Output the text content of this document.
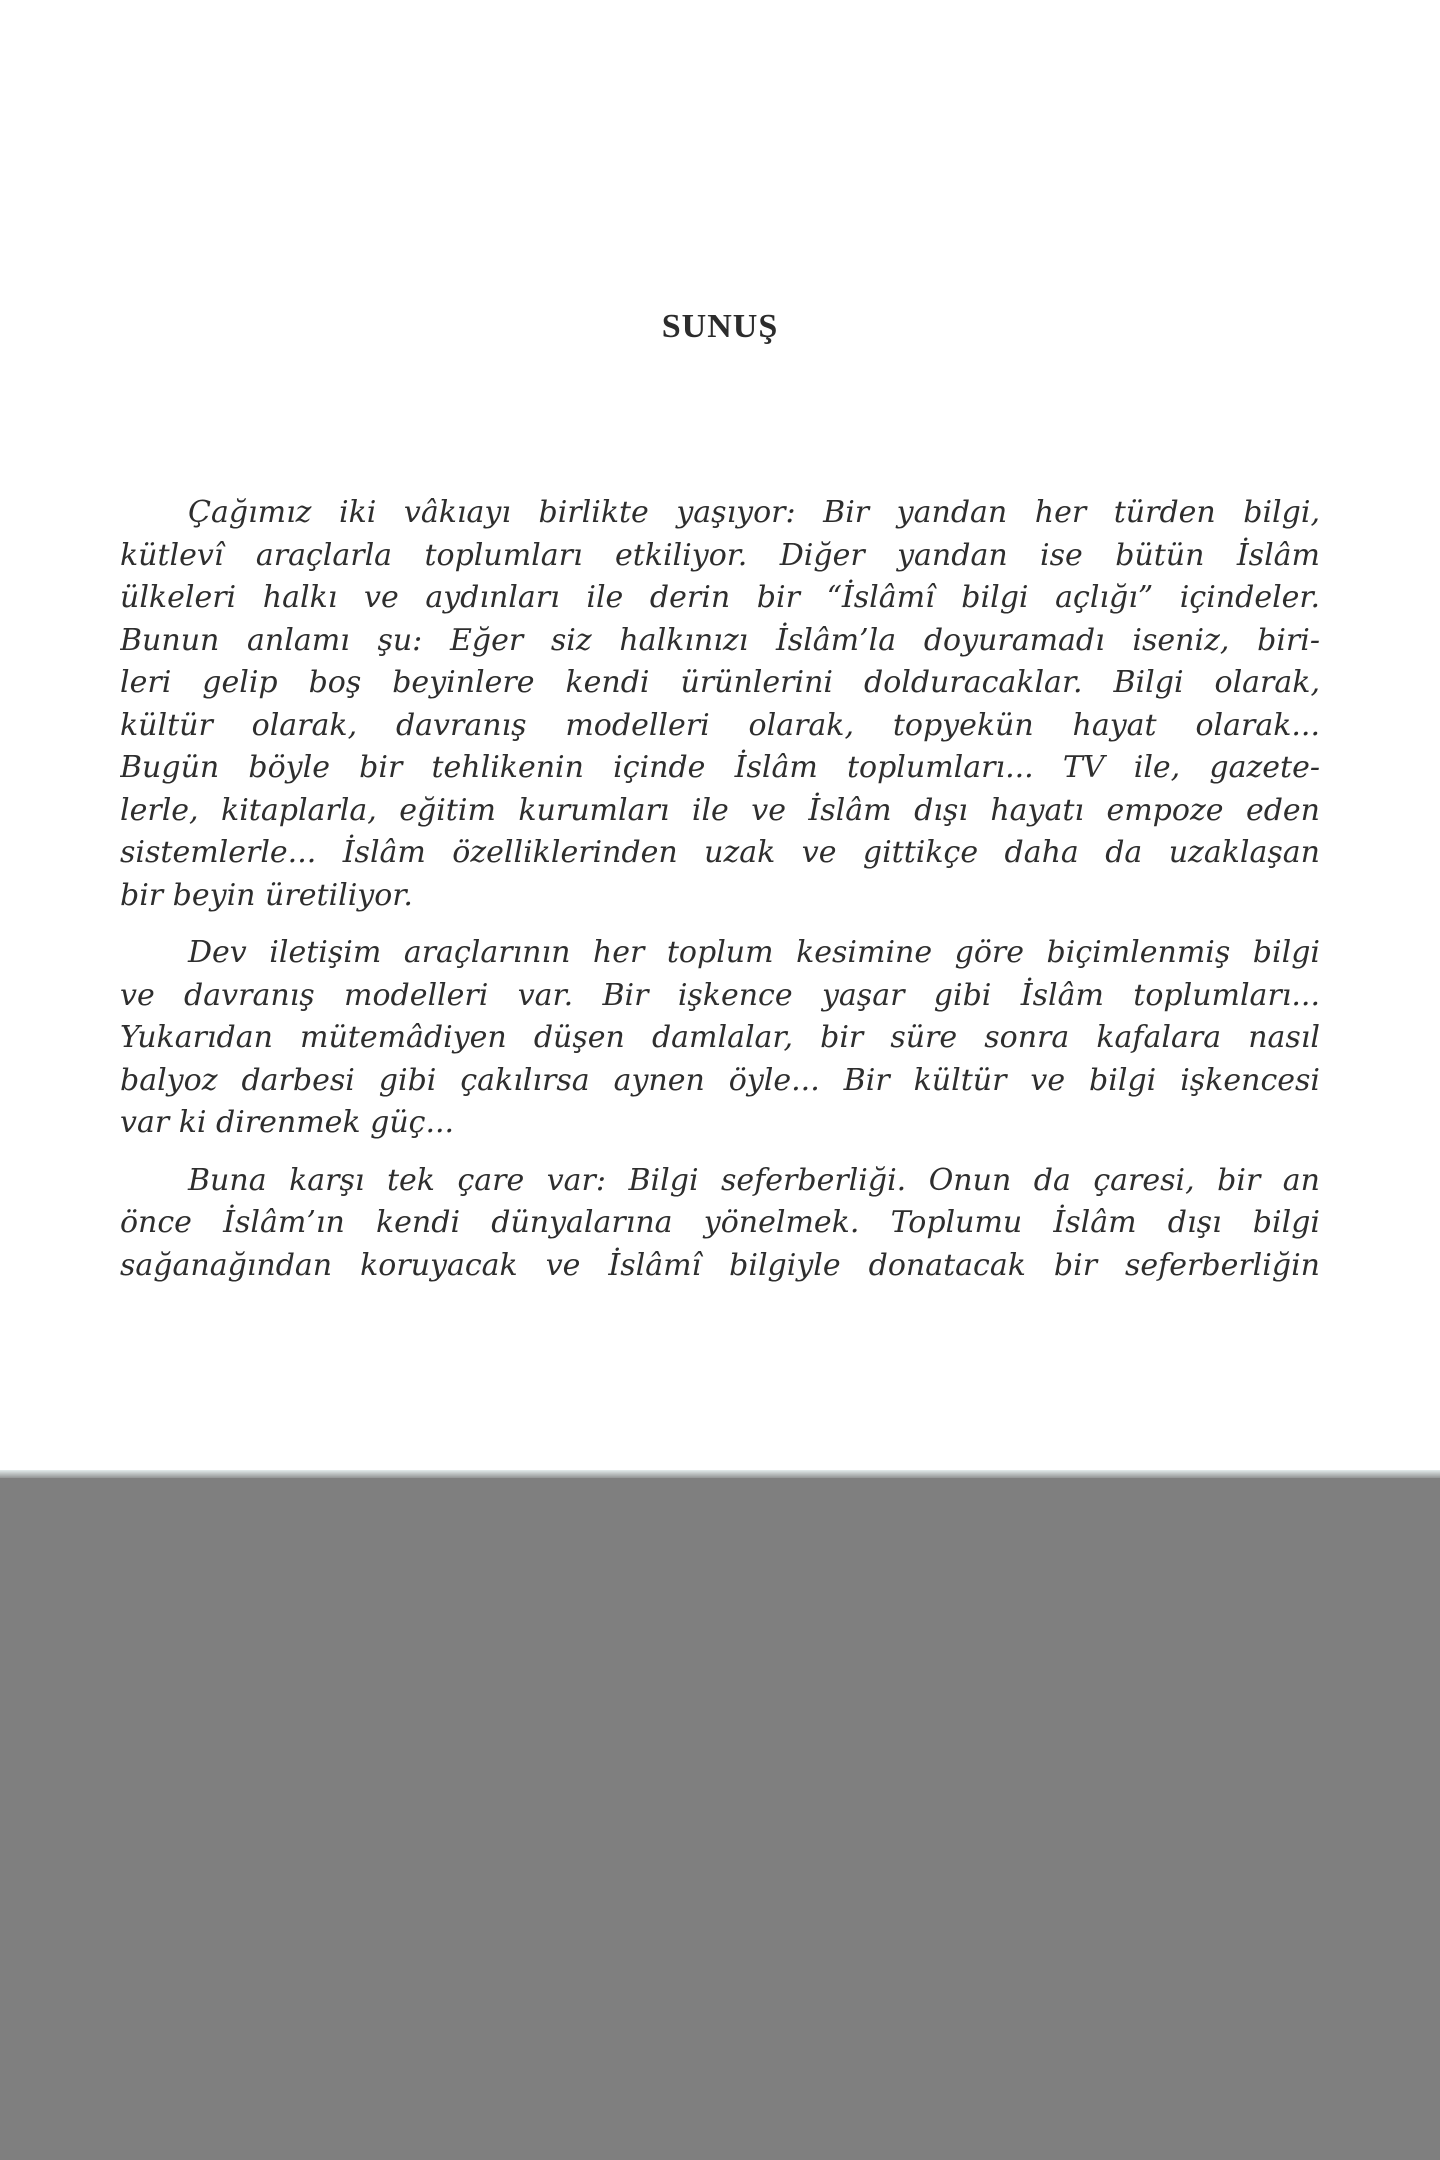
SUNUŞ

Çağımız iki vâkıayı birlikte yaşıyor: Bir yandan her türden bilgi,
kütlevî araçlarla toplumları etkiliyor. Diğer yandan ise bütün İslâm
ülkeleri halkı ve aydınları ile derin bir “İslâmî bilgi açlığı” içindeler.
Bunun anlamı şu: Eğer siz halkınızı İslâm’la doyuramadı iseniz, biri-
leri gelip boş beyinlere kendi ürünlerini dolduracaklar. Bilgi olarak,
kültür olarak, davranış modelleri olarak, topyekün hayat olarak...
Bugün böyle bir tehlikenin içinde İslâm toplumları... TV ile, gazete-
lerle, kitaplarla, eğitim kurumları ile ve İslâm dışı hayatı empoze eden
sistemlerle... İslâm özelliklerinden uzak ve gittikçe daha da uzaklaşan
bir beyin üretiliyor.

Dev iletişim araçlarının her toplum kesimine göre biçimlenmiş bilgi
ve davranış modelleri var. Bir işkence yaşar gibi İslâm toplumları...
Yukarıdan mütemâdiyen düşen damlalar, bir süre sonra kafalara nasıl
balyoz darbesi gibi çakılırsa aynen öyle... Bir kültür ve bilgi işkencesi
var ki direnmek güç...

Buna karşı tek çare var: Bilgi seferberliği. Onun da çaresi, bir an
önce İslâm’ın kendi dünyalarına yönelmek. Toplumu İslâm dışı bilgi
sağanağından koruyacak ve İslâmî bilgiyle donatacak bir seferberliğin
